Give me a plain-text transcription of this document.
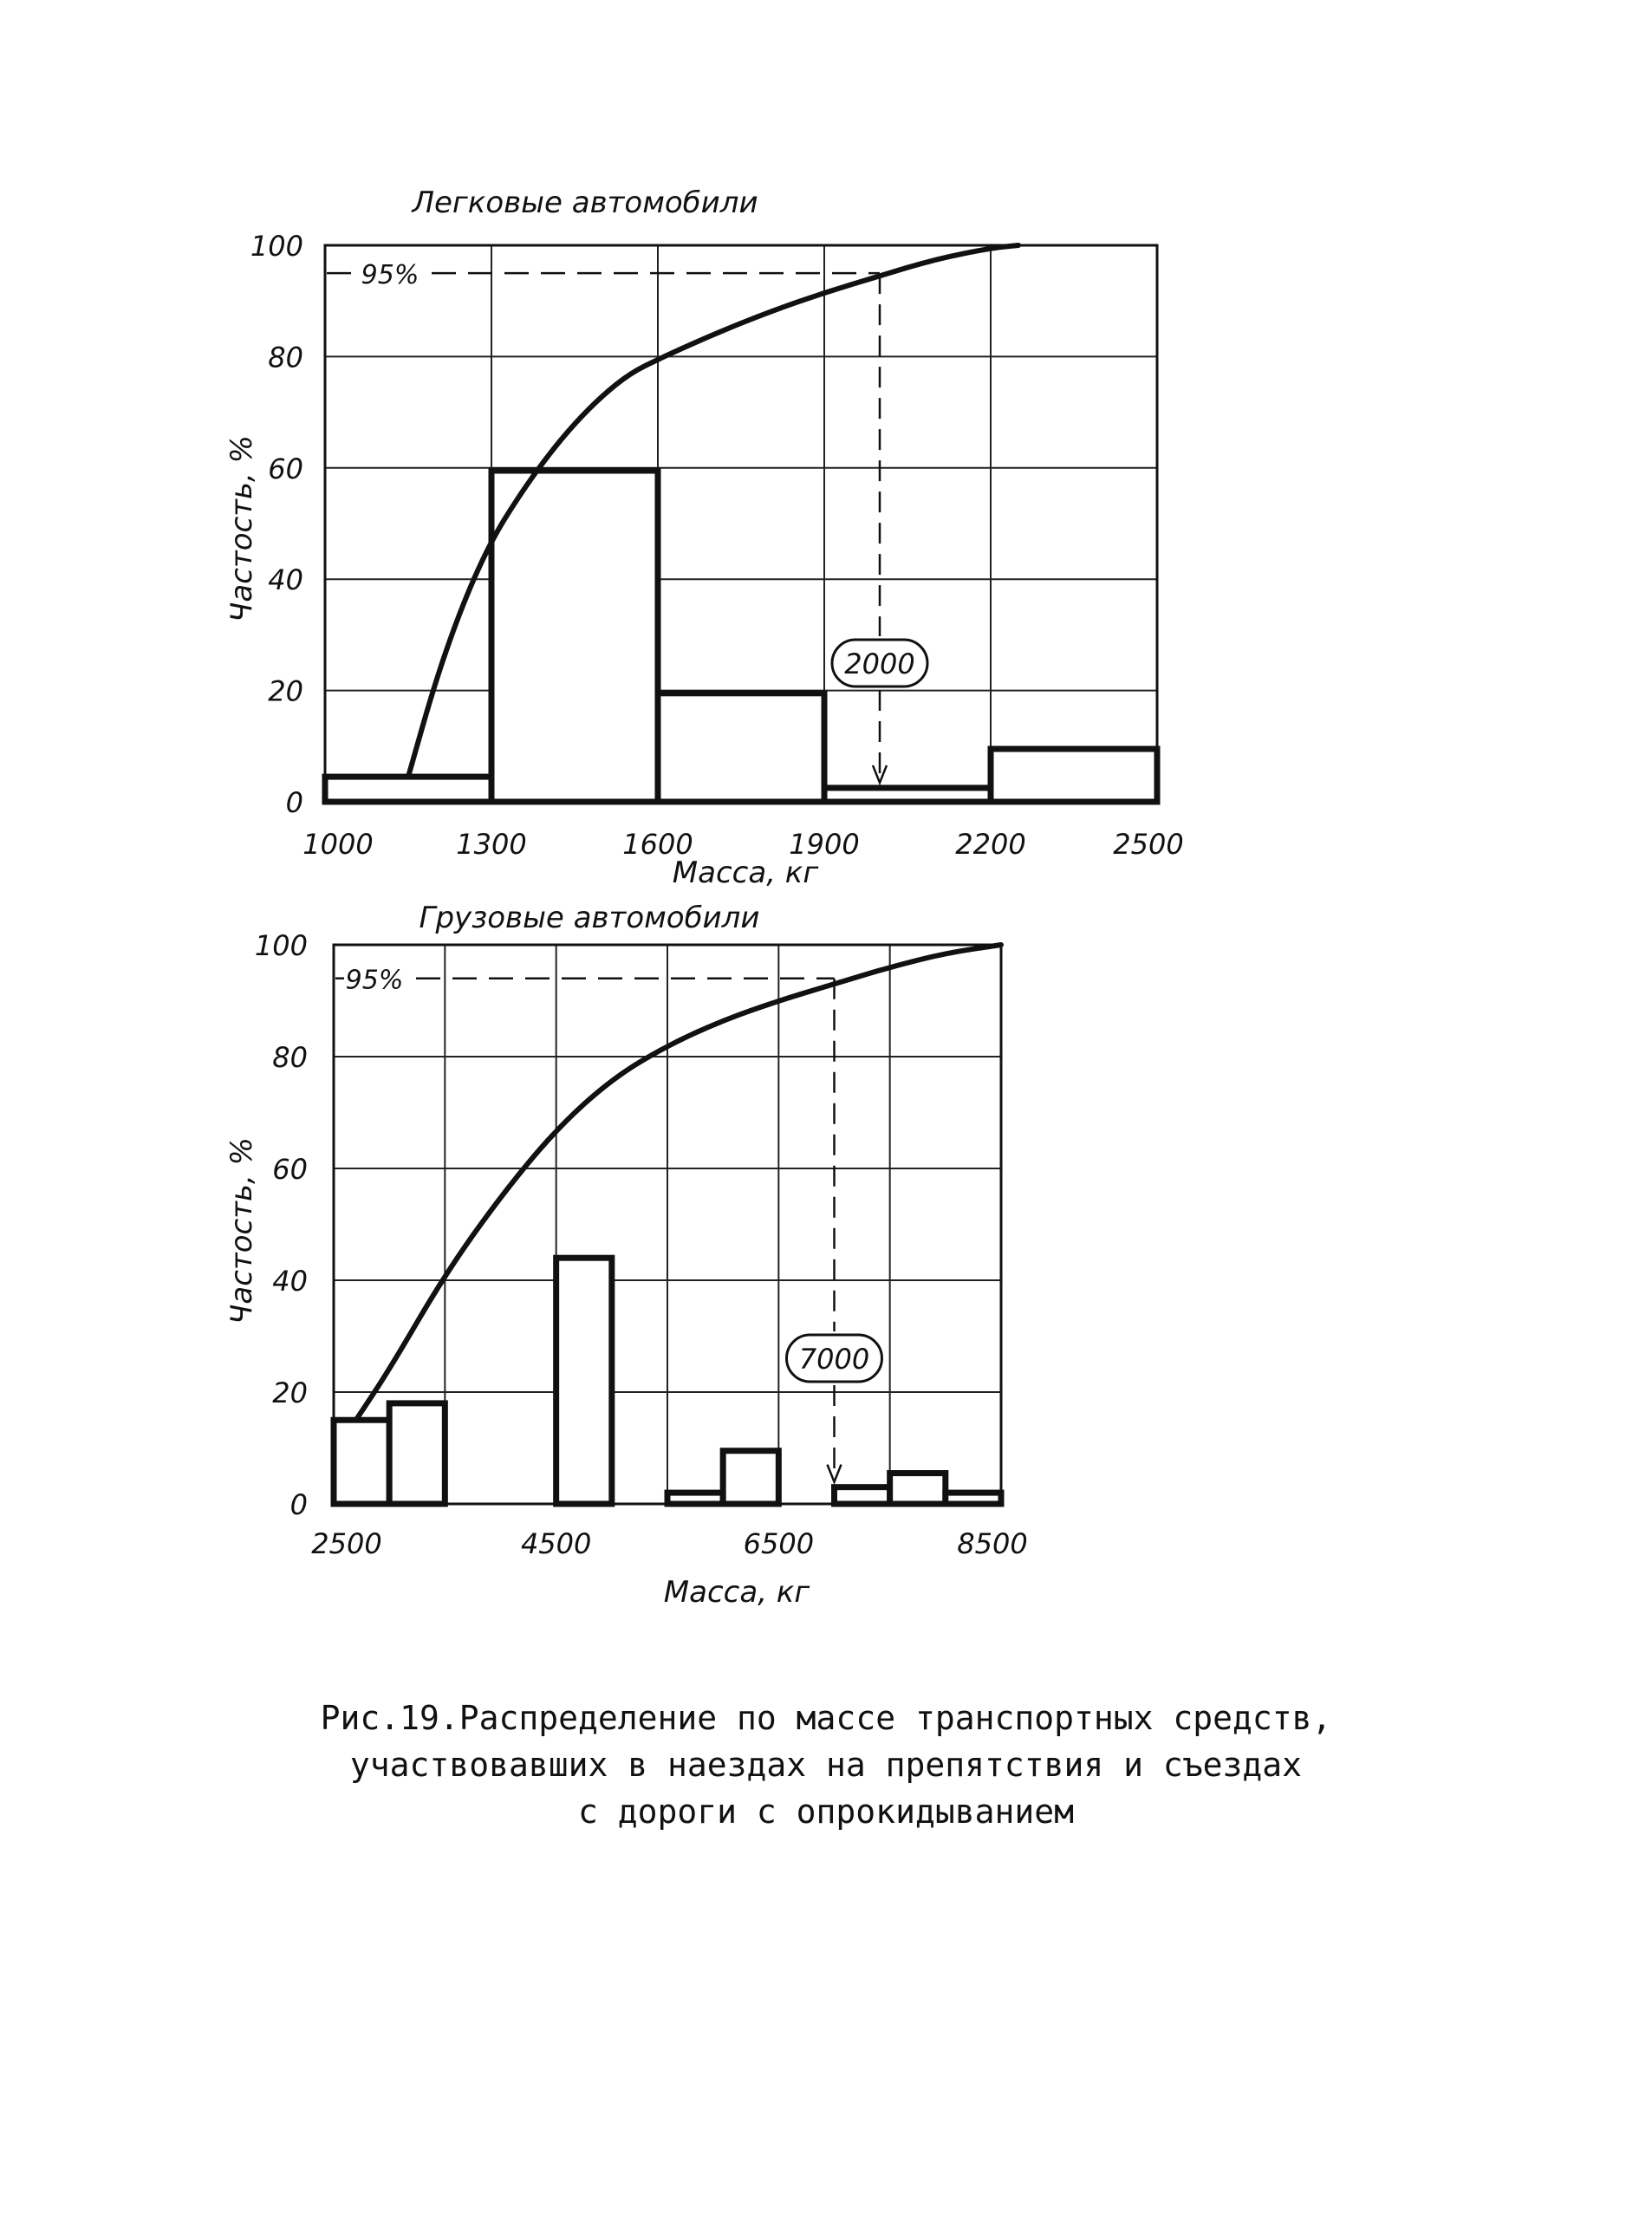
Легковые автомобили
Частость, %
Масса, кг
95%
2000
0
20
40
60
80
100
1000	1300	1600	1900	2200	2500
Грузовые автомобили
Частость, %
Масса, кг
95%
7000
0
20
40
60
80
100
2500	4500	6500	8500
Рис.19.Распределение по массе транспортных средств,
участвовавших в наездах на препятствия и съездах
с дороги с опрокидыванием
